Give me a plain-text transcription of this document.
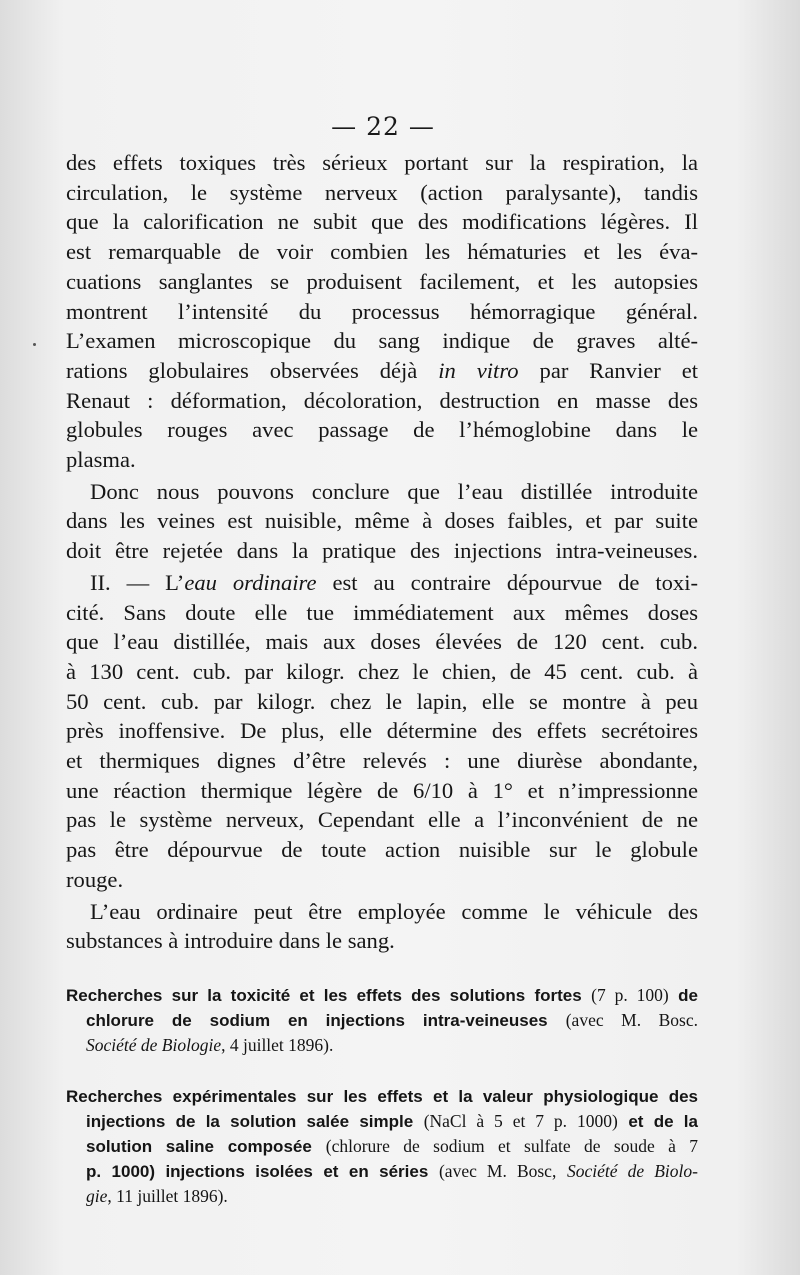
— 22 —
des effets toxiques très sérieux portant sur la respiration, la
circulation, le système nerveux (action paralysante), tandis
que la calorification ne subit que des modifications légères. Il
est remarquable de voir combien les hématuries et les éva-
cuations sanglantes se produisent facilement, et les autopsies
montrent l’intensité du processus hémorragique général.
L’examen microscopique du sang indique de graves alté-
rations globulaires observées déjà in vitro par Ranvier et
Renaut : déformation, décoloration, destruction en masse des
globules rouges avec passage de l’hémoglobine dans le
plasma.
Donc nous pouvons conclure que l’eau distillée introduite
dans les veines est nuisible, même à doses faibles, et par suite
doit être rejetée dans la pratique des injections intra-veineuses.
II. — L’eau ordinaire est au contraire dépourvue de toxi-
cité. Sans doute elle tue immédiatement aux mêmes doses
que l’eau distillée, mais aux doses élevées de 120 cent. cub.
à 130 cent. cub. par kilogr. chez le chien, de 45 cent. cub. à
50 cent. cub. par kilogr. chez le lapin, elle se montre à peu
près inoffensive. De plus, elle détermine des effets secrétoires
et thermiques dignes d’être relevés : une diurèse abondante,
une réaction thermique légère de 6/10 à 1° et n’impressionne
pas le système nerveux, Cependant elle a l’inconvénient de ne
pas être dépourvue de toute action nuisible sur le globule
rouge.
L’eau ordinaire peut être employée comme le véhicule des
substances à introduire dans le sang.
Recherches sur la toxicité et les effets des solutions fortes (7 p. 100) de
chlorure de sodium en injections intra-veineuses (avec M. Bosc.
Société de Biologie, 4 juillet 1896).
Recherches expérimentales sur les effets et la valeur physiologique des
injections de la solution salée simple (NaCl à 5 et 7 p. 1000) et de la
solution saline composée (chlorure de sodium et sulfate de soude à 7
p. 1000) injections isolées et en séries (avec M. Bosc, Société de Biolo-
gie, 11 juillet 1896).
